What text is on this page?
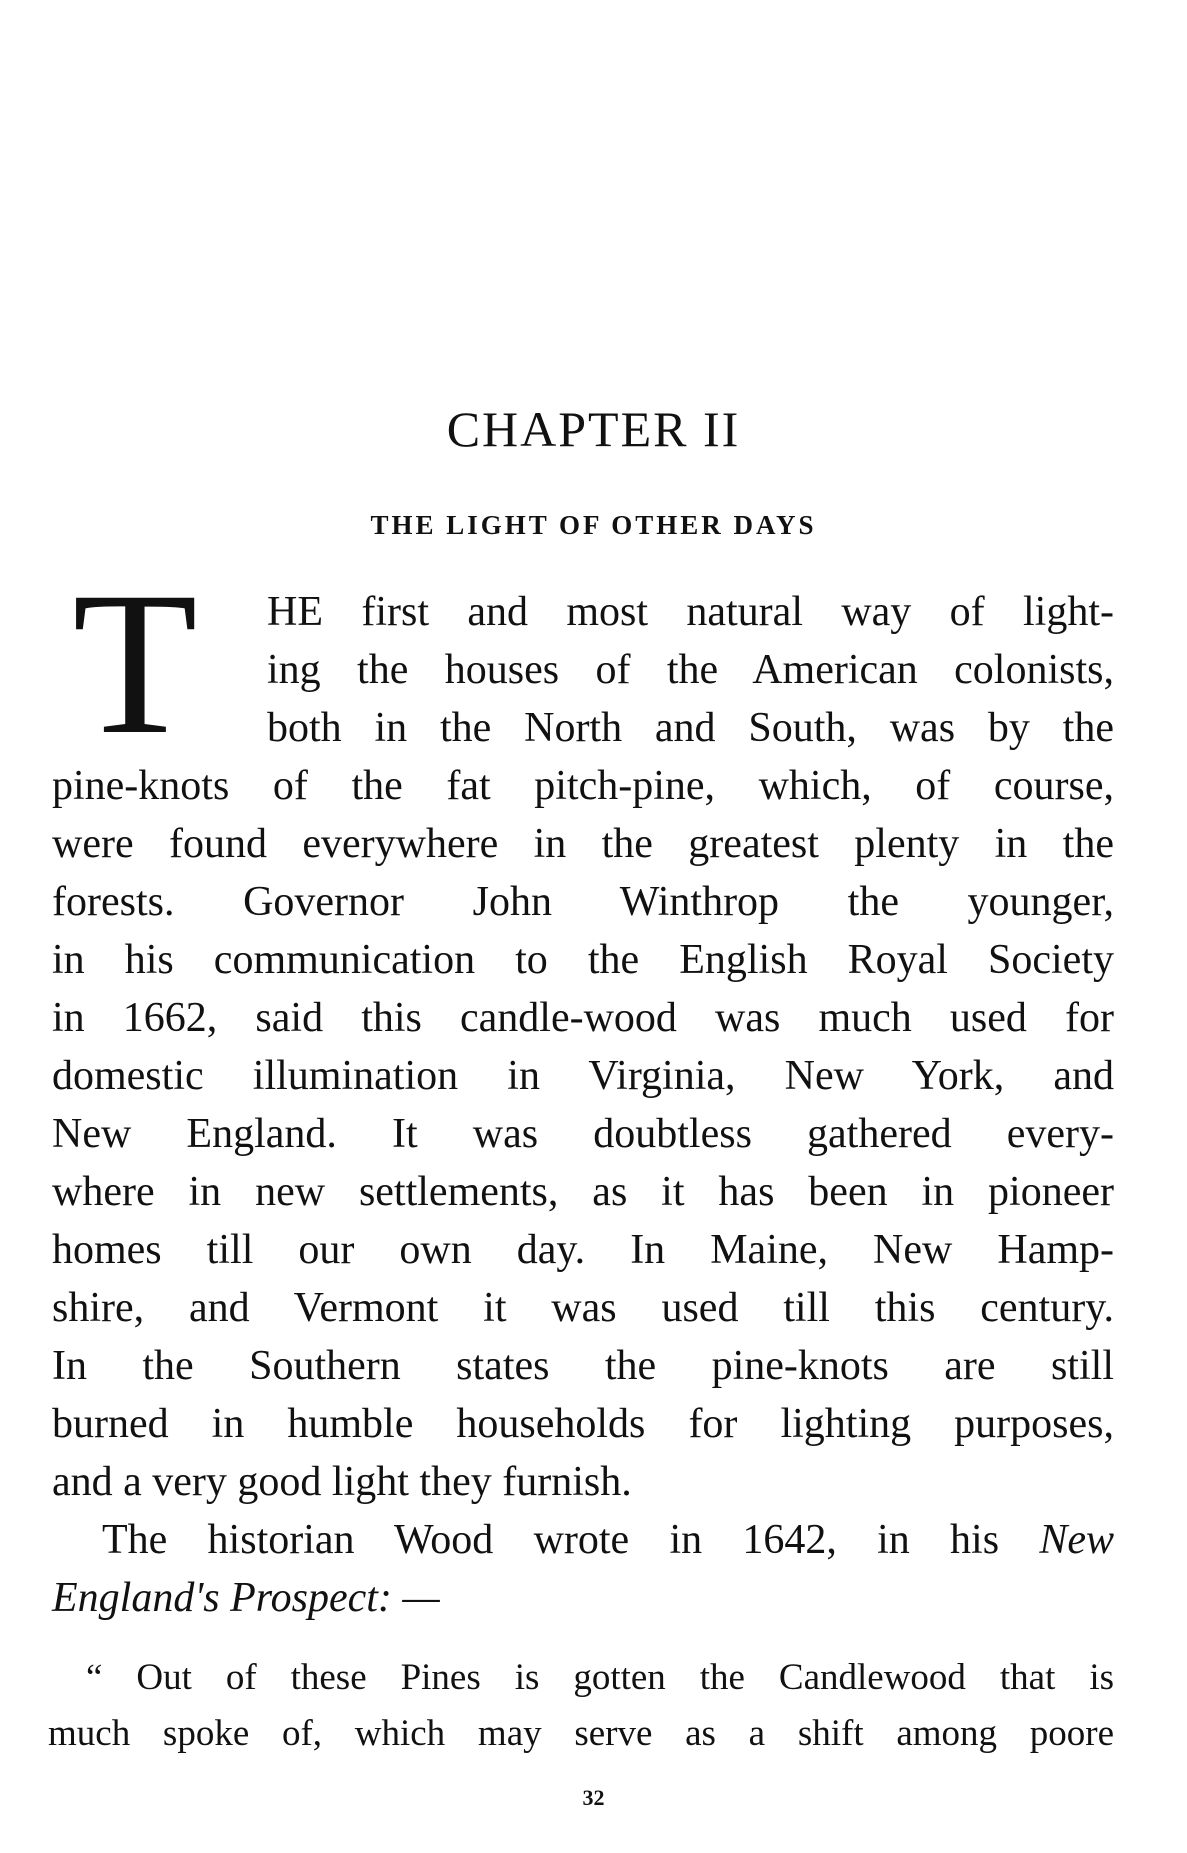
CHAPTER II
THE LIGHT OF OTHER DAYS
T	HE first and most natural way of light-
ing the houses of the American colonists,
both in the North and South, was by the
pine-knots of the fat pitch-pine, which, of course,
were found everywhere in the greatest plenty in the
forests. Governor John Winthrop the younger,
in his communication to the English Royal Society
in 1662, said this candle-wood was much used for
domestic illumination in Virginia, New York, and
New England. It was doubtless gathered every-
where in new settlements, as it has been in pioneer
homes till our own day. In Maine, New Hamp-
shire, and Vermont it was used till this century.
In the Southern states the pine-knots are still
burned in humble households for lighting purposes,
and a very good light they furnish.
The historian Wood wrote in 1642, in his New
England's Prospect: —
“ Out of these Pines is gotten the Candlewood that is
much spoke of, which may serve as a shift among poore
32
